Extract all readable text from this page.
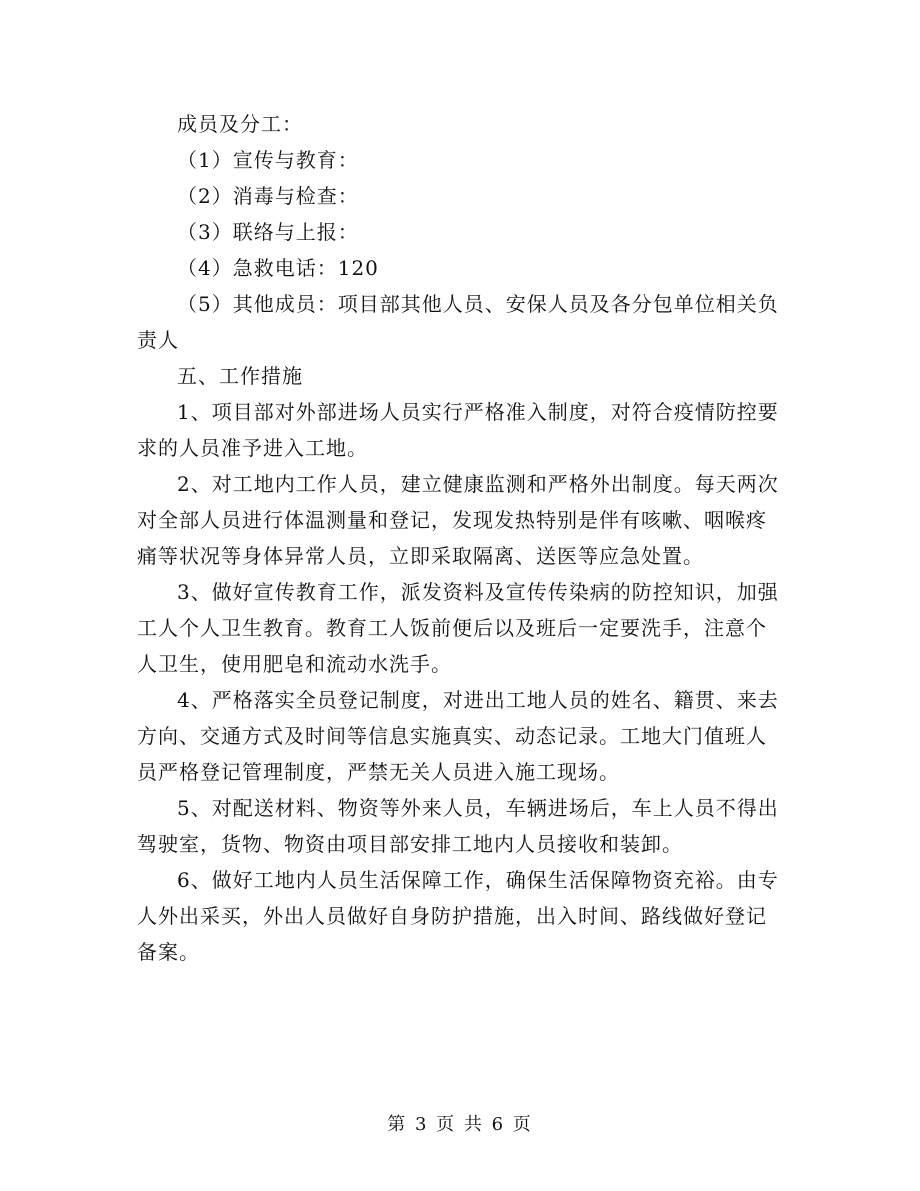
成员及分工：

（1）宣传与教育：

（2）消毒与检查：

（3）联络与上报：

（4）急救电话：120

（5）其他成员：项目部其他人员、安保人员及各分包单位相关负责人

五、工作措施

1、项目部对外部进场人员实行严格准入制度，对符合疫情防控要求的人员准予进入工地。

2、对工地内工作人员，建立健康监测和严格外出制度。每天两次对全部人员进行体温测量和登记，发现发热特别是伴有咳嗽、咽喉疼痛等状况等身体异常人员，立即采取隔离、送医等应急处置。

3、做好宣传教育工作，派发资料及宣传传染病的防控知识，加强工人个人卫生教育。教育工人饭前便后以及班后一定要洗手，注意个人卫生，使用肥皂和流动水洗手。

4、严格落实全员登记制度，对进出工地人员的姓名、籍贯、来去方向、交通方式及时间等信息实施真实、动态记录。工地大门值班人员严格登记管理制度，严禁无关人员进入施工现场。

5、对配送材料、物资等外来人员，车辆进场后，车上人员不得出驾驶室，货物、物资由项目部安排工地内人员接收和装卸。

6、做好工地内人员生活保障工作，确保生活保障物资充裕。由专人外出采买，外出人员做好自身防护措施，出入时间、路线做好登记备案。

第 3 页 共 6 页
